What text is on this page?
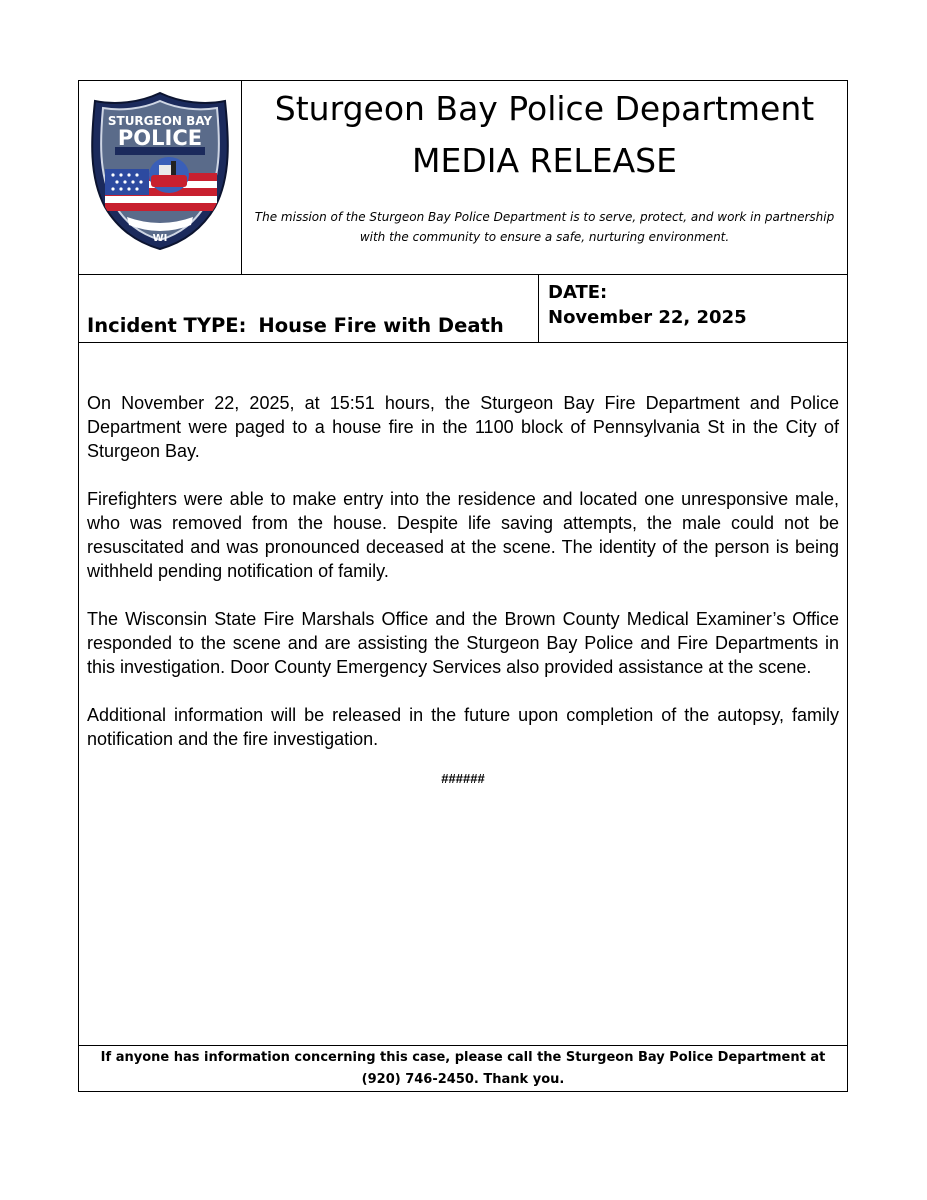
STURGEON BAY
POLICE
WI
Sturgeon Bay Police Department
MEDIA RELEASE
The mission of the Sturgeon Bay Police Department is to serve, protect, and work in partnership with the community to ensure a safe, nurturing environment.
Incident TYPE: House Fire with Death
DATE:
November 22, 2025

On November 22, 2025, at 15:51 hours, the Sturgeon Bay Fire Department and Police Department were paged to a house fire in the 1100 block of Pennsylvania St in the City of Sturgeon Bay.

Firefighters were able to make entry into the residence and located one unresponsive male, who was removed from the house. Despite life saving attempts, the male could not be resuscitated and was pronounced deceased at the scene. The identity of the person is being withheld pending notification of family.

The Wisconsin State Fire Marshals Office and the Brown County Medical Examiner’s Office responded to the scene and are assisting the Sturgeon Bay Police and Fire Departments in this investigation. Door County Emergency Services also provided assistance at the scene.

Additional information will be released in the future upon completion of the autopsy, family notification and the fire investigation.

######
If anyone has information concerning this case, please call the Sturgeon Bay Police Department at (920) 746-2450. Thank you.
